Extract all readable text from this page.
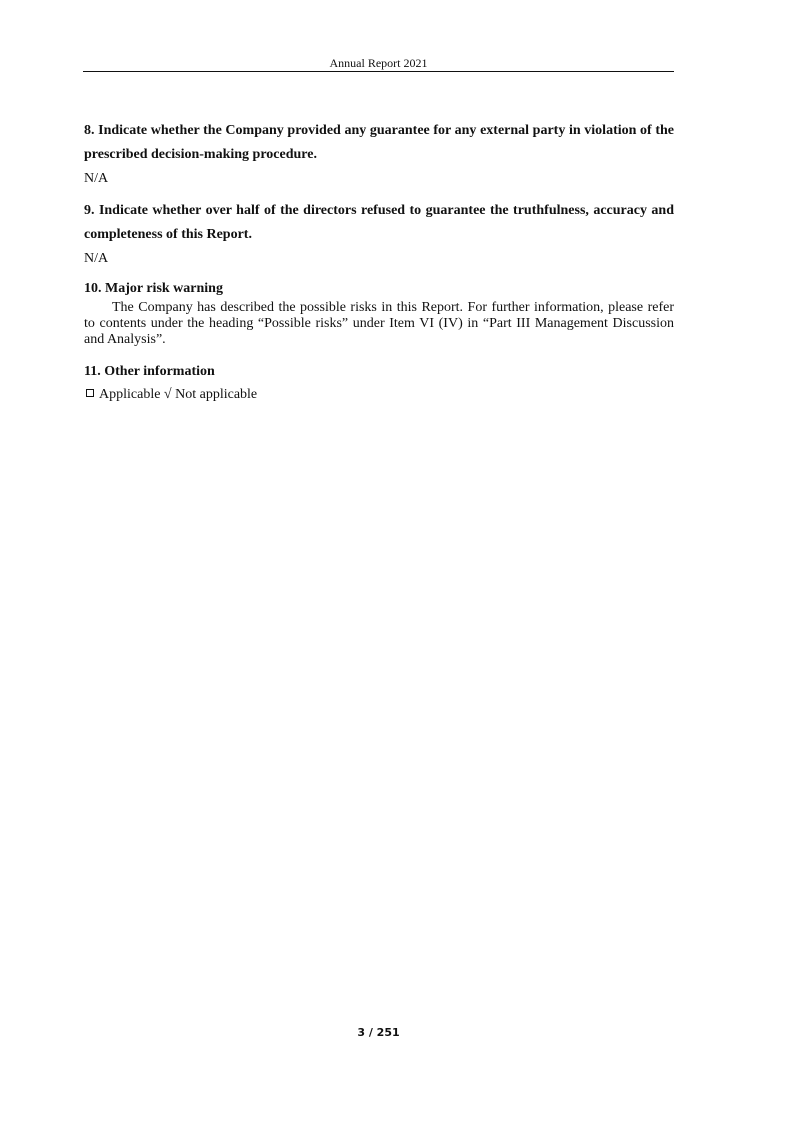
Annual Report 2021

8. Indicate whether the Company provided any guarantee for any external party in violation of the prescribed decision-making procedure.

N/A

9. Indicate whether over half of the directors refused to guarantee the truthfulness, accuracy and completeness of this Report.

N/A

10. Major risk warning

The Company has described the possible risks in this Report. For further information, please refer to contents under the heading “Possible risks” under Item VI (IV) in “Part III Management Discussion and Analysis”.

11. Other information

Applicable √ Not applicable

3 / 251
